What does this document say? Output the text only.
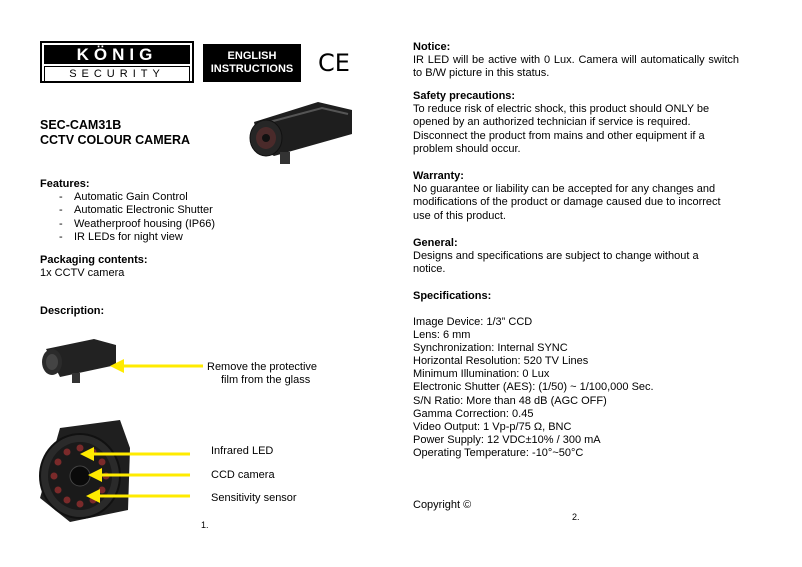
KÖNIG
SECURITY
ENGLISH
INSTRUCTIONS	CE
SEC-CAM31B
CCTV COLOUR CAMERA
Features:
- Automatic Gain Control
- Automatic Electronic Shutter
- Weatherproof housing (IP66)
- IR LEDs for night view
Packaging contents:
1x CCTV camera
Description:
Remove the protective
film from the glass
Infrared LED
CCD camera
Sensitivity sensor
1.
Notice:
IR LED will be active with 0 Lux. Camera will automatically switch to B/W picture in this status.
Safety precautions:
To reduce risk of electric shock, this product should ONLY be
opened by an authorized technician if service is required.
Disconnect the product from mains and other equipment if a
problem should occur.
Warranty:
No guarantee or liability can be accepted for any changes and
modifications of the product or damage caused due to incorrect
use of this product.
General:
Designs and specifications are subject to change without a
notice.
Specifications:
Image Device: 1/3” CCD
Lens: 6 mm
Synchronization: Internal SYNC
Horizontal Resolution: 520 TV Lines
Minimum Illumination: 0 Lux
Electronic Shutter (AES): (1/50) ~ 1/100,000 Sec.
S/N Ratio: More than 48 dB (AGC OFF)
Gamma Correction: 0.45
Video Output: 1 Vp-p/75 Ω, BNC
Power Supply: 12 VDC±10% / 300 mA
Operating Temperature: -10°~50°C
Copyright ©
2.
